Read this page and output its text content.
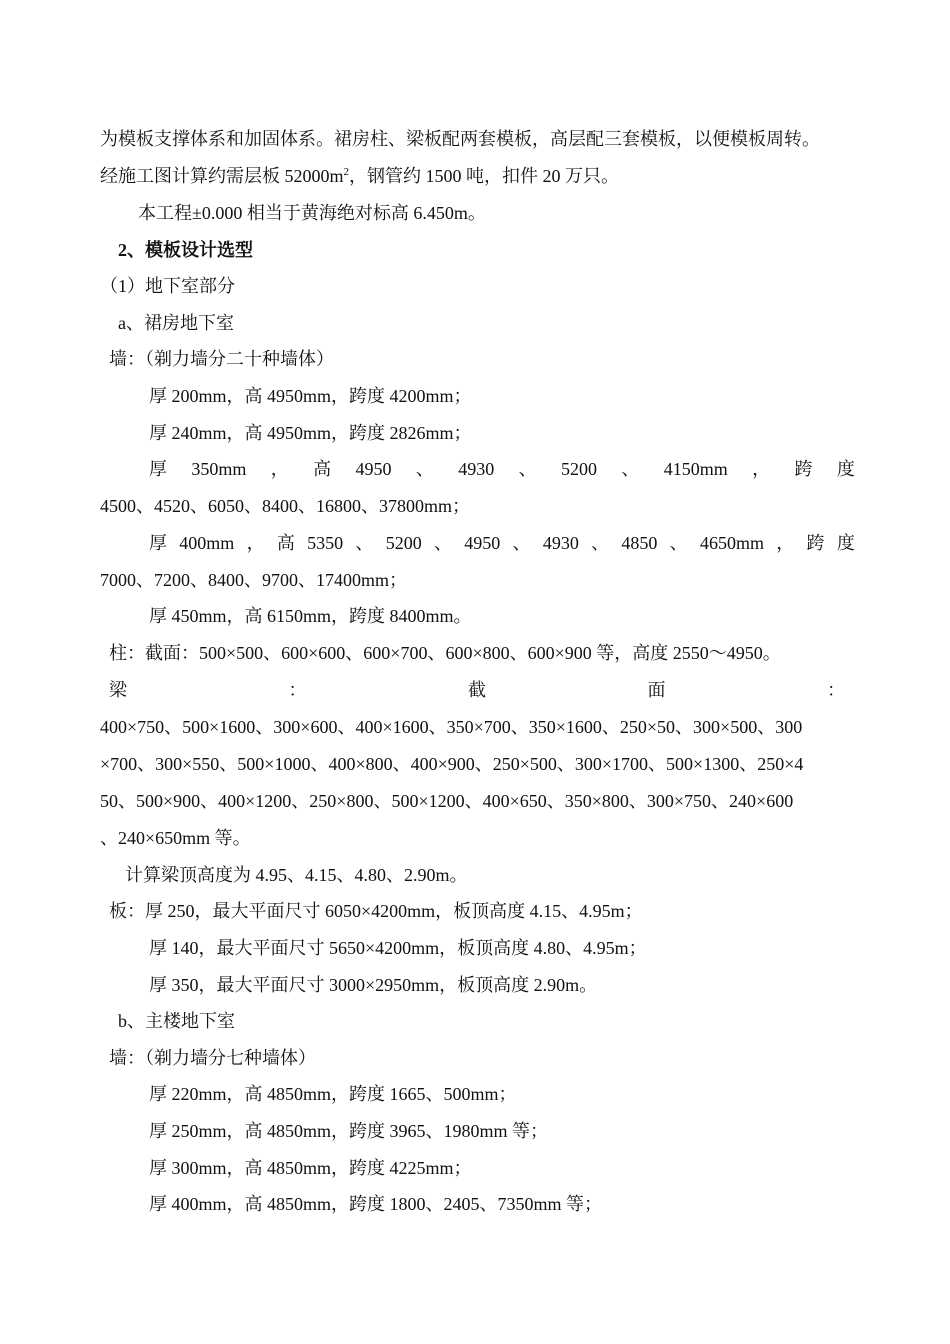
为模板支撑体系和加固体系。裙房柱、梁板配两套模板，高层配三套模板，以便模板周转。
经施工图计算约需层板 $52000m^2$，钢管约 1500 吨，扣件 20 万只。
本工程±0.000 相当于黄海绝对标高 6.450m。
2、模板设计选型
（1）地下室部分
a、裙房地下室
墙：（剃力墙分二十种墙体）
厚 200mm，高 4950mm，跨度 4200mm；
厚 240mm，高 4950mm，跨度 2826mm；
厚 350mm ， 高 4950 、 4930 、 5200 、 4150mm ， 跨 度
4500、4520、6050、8400、16800、37800mm；
厚 400mm ， 高 5350 、 5200 、 4950 、 4930 、 4850 、 4650mm ， 跨 度
7000、7200、8400、9700、17400mm；
厚 450mm，高 6150mm，跨度 8400mm。
柱：截面：500×500、600×600、600×700、600×800、600×900 等，高度 2550～4950。
梁	：	截	面	：
400×750、500×1600、300×600、400×1600、350×700、350×1600、250×50、300×500、300
×700、300×550、500×1000、400×800、400×900、250×500、300×1700、500×1300、250×4
50、500×900、400×1200、250×800、500×1200、400×650、350×800、300×750、240×600
、240×650mm 等。
计算梁顶高度为 4.95、4.15、4.80、2.90m。
板：厚 250，最大平面尺寸 6050×4200mm，板顶高度 4.15、4.95m；
厚 140，最大平面尺寸 5650×4200mm，板顶高度 4.80、4.95m；
厚 350，最大平面尺寸 3000×2950mm，板顶高度 2.90m。
b、主楼地下室
墙：（剃力墙分七种墙体）
厚 220mm，高 4850mm，跨度 1665、500mm；
厚 250mm，高 4850mm，跨度 3965、1980mm 等；
厚 300mm，高 4850mm，跨度 4225mm；
厚 400mm，高 4850mm，跨度 1800、2405、7350mm 等；
